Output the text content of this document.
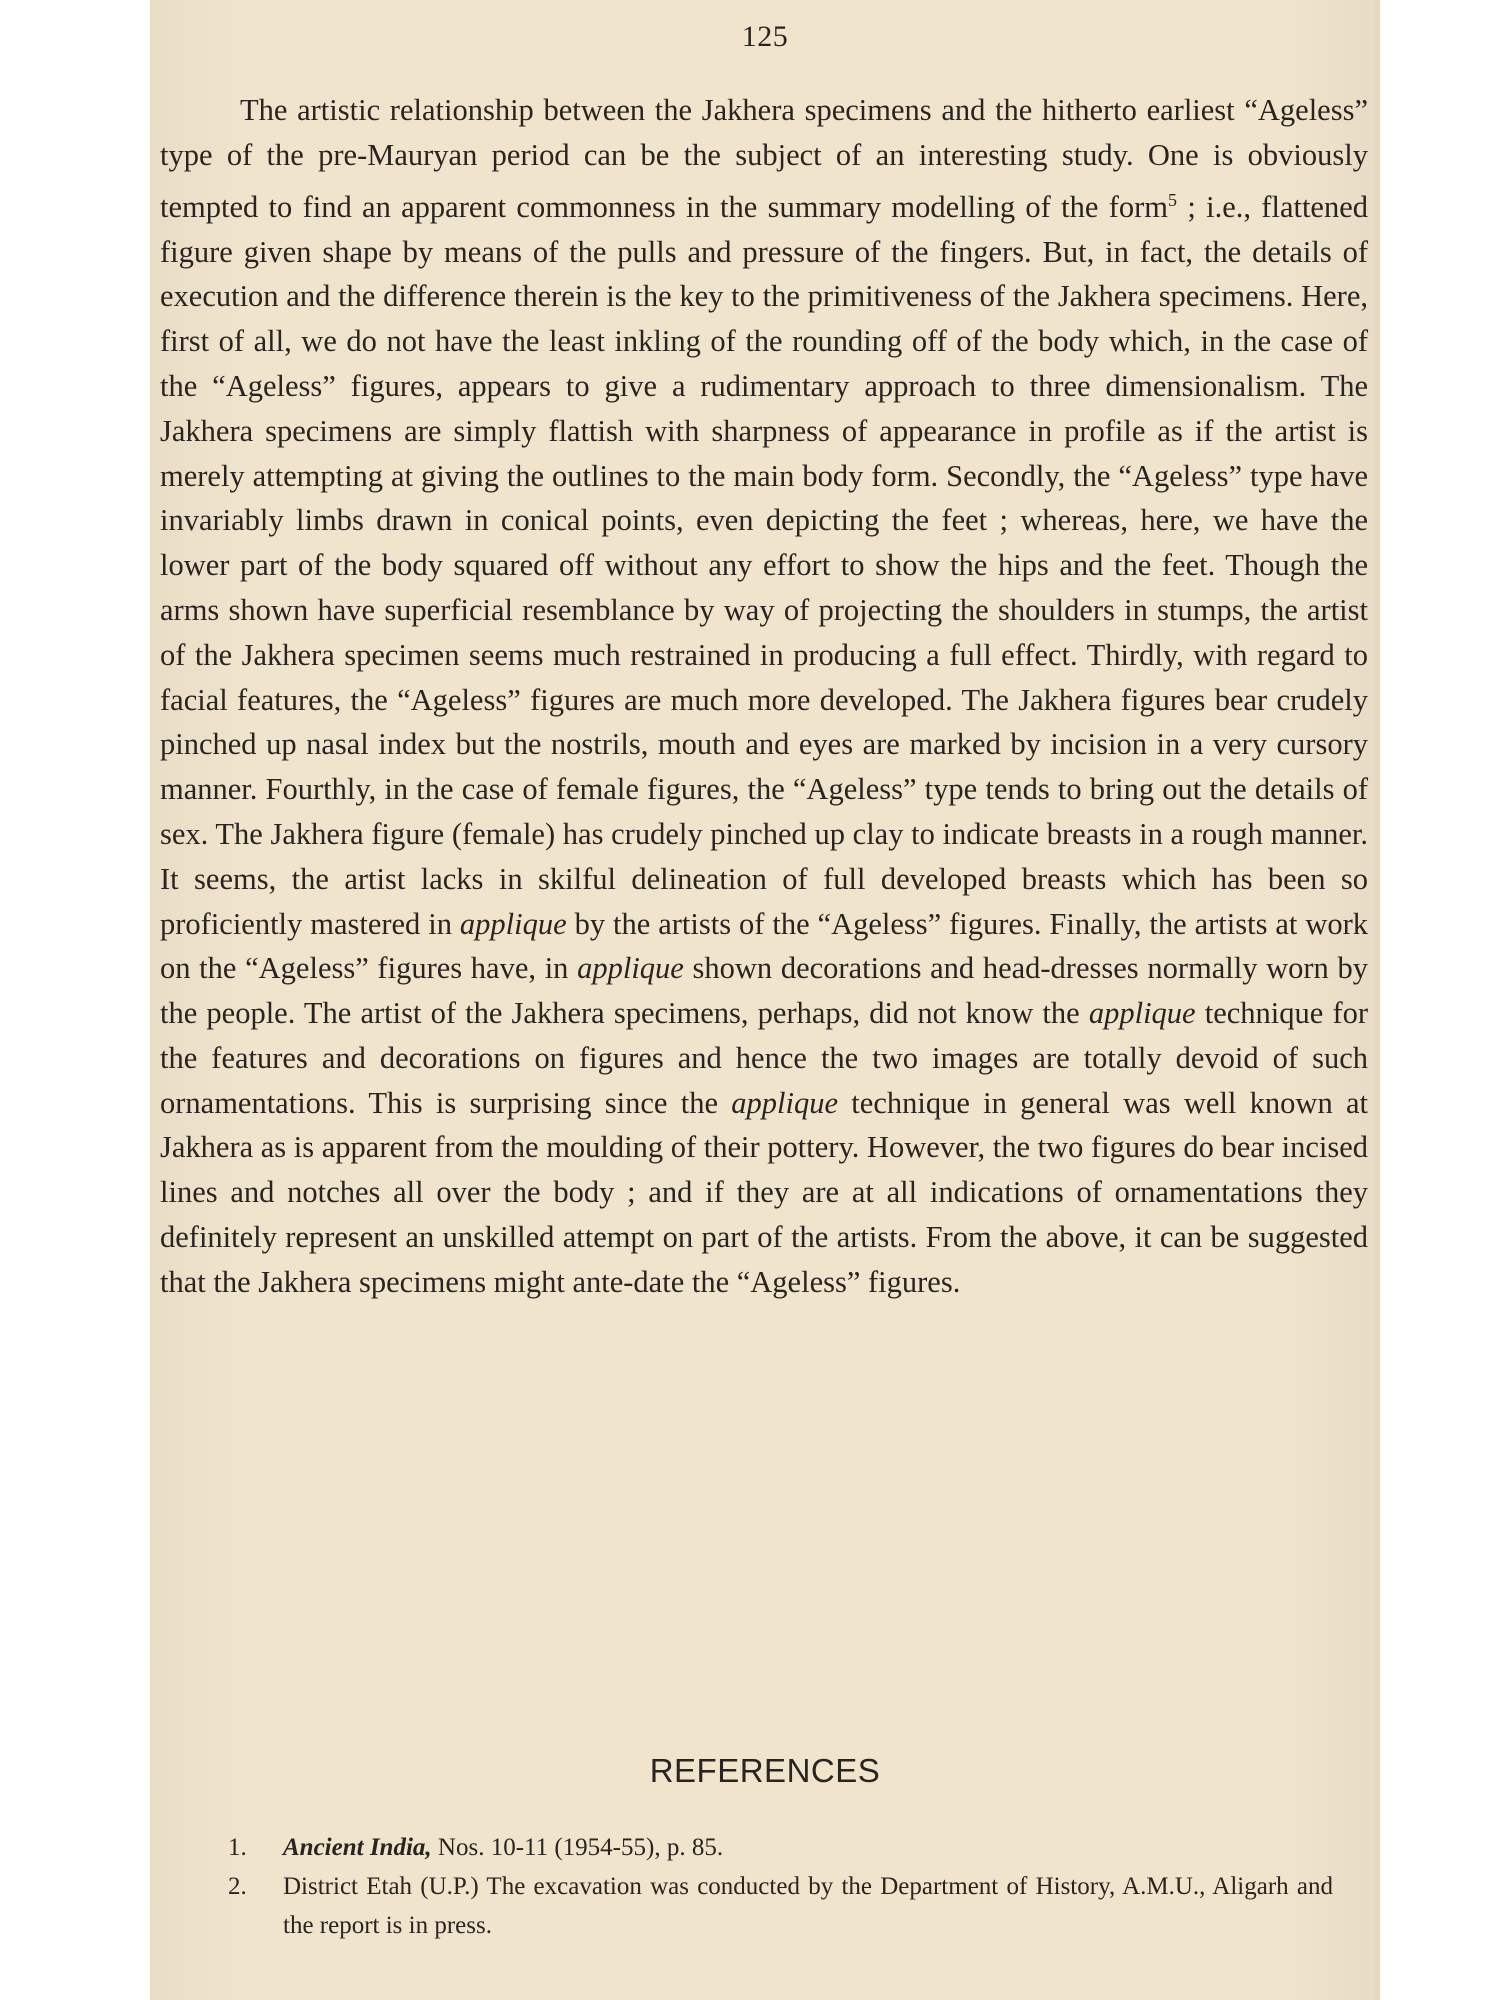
125

The artistic relationship between the Jakhera specimens and the hitherto earliest “Ageless” type of the pre-Mauryan period can be the subject of an interesting study. One is obviously tempted to find an apparent commonness in the summary modelling of the form$^5$ ; i.e., flattened figure given shape by means of the pulls and pressure of the fingers. But, in fact, the details of execution and the difference therein is the key to the primitiveness of the Jakhera specimens. Here, first of all, we do not have the least inkling of the rounding off of the body which, in the case of the “Ageless” figures, appears to give a rudimentary approach to three dimensionalism. The Jakhera specimens are simply flattish with sharpness of appearance in profile as if the artist is merely attempting at giving the outlines to the main body form. Secondly, the “Ageless” type have invariably limbs drawn in conical points, even depicting the feet ; whereas, here, we have the lower part of the body squared off without any effort to show the hips and the feet. Though the arms shown have superficial resemblance by way of projecting the shoulders in stumps, the artist of the Jakhera specimen seems much restrained in producing a full effect. Thirdly, with regard to facial features, the “Ageless” figures are much more developed. The Jakhera figures bear crudely pinched up nasal index but the nostrils, mouth and eyes are marked by incision in a very cursory manner. Fourthly, in the case of female figures, the “Ageless” type tends to bring out the details of sex. The Jakhera figure (female) has crudely pinched up clay to indicate breasts in a rough manner. It seems, the artist lacks in skilful delineation of full developed breasts which has been so proficiently mastered in applique by the artists of the “Ageless” figures. Finally, the artists at work on the “Ageless” figures have, in applique shown decorations and head-dresses normally worn by the people. The artist of the Jakhera specimens, perhaps, did not know the applique technique for the features and decorations on figures and hence the two images are totally devoid of such ornamentations. This is surprising since the applique technique in general was well known at Jakhera as is apparent from the moulding of their pottery. However, the two figures do bear incised lines and notches all over the body ; and if they are at all indications of ornamentations they definitely represent an unskilled attempt on part of the artists. From the above, it can be suggested that the Jakhera specimens might ante-date the “Ageless” figures.

REFERENCES
1.	Ancient India, Nos. 10-11 (1954-55), p. 85.
2.	District Etah (U.P.) The excavation was conducted by the Department of History, A.M.U., Aligarh and the report is in press.
